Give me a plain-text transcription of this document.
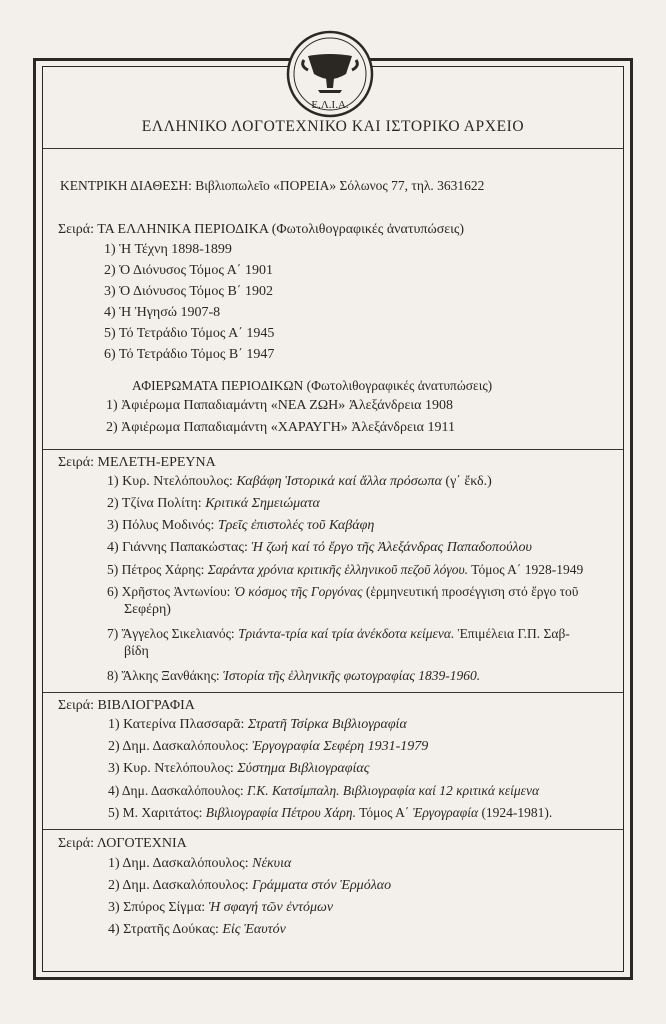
Ε.Λ.Ι.Α.
ΕΛΛΗΝΙΚΟ ΛΟΓΟΤΕΧΝΙΚΟ ΚΑΙ ΙΣΤΟΡΙΚΟ ΑΡΧΕΙΟ
ΚΕΝΤΡΙΚΗ ΔΙΑΘΕΣΗ: Βιβλιοπωλεῖο «ΠΟΡΕΙΑ» Σόλωνος 77, τηλ. 3631622
Σειρά: ΤΑ ΕΛΛΗΝΙΚΑ ΠΕΡΙΟΔΙΚΑ (Φωτολιθογραφικές ἀνατυπώσεις)
1) Ἡ Τέχνη 1898-1899
2) Ὁ Διόνυσος Τόμος Α΄ 1901
3) Ὁ Διόνυσος Τόμος Β΄ 1902
4) Ἡ Ἠγησώ 1907-8
5) Τό Τετράδιο Τόμος Α΄ 1945
6) Τό Τετράδιο Τόμος Β΄ 1947
ΑΦΙΕΡΩΜΑΤΑ ΠΕΡΙΟΔΙΚΩΝ (Φωτολιθογραφικές ἀνατυπώσεις)
1) Ἀφιέρωμα Παπαδιαμάντη «ΝΕΑ ΖΩΗ» Ἀλεξάνδρεια 1908
2) Ἀφιέρωμα Παπαδιαμάντη «ΧΑΡΑΥΓΗ» Ἀλεξάνδρεια 1911
Σειρά: ΜΕΛΕΤΗ-ΕΡΕΥΝΑ
1) Κυρ. Ντελόπουλος: Καβάφη Ἱστορικά καί ἄλλα πρόσωπα (γ΄ ἔκδ.)
2) Τζίνα Πολίτη: Κριτικά Σημειώματα
3) Πόλυς Μοδινός: Τρεῖς ἐπιστολές τοῦ Καβάφη
4) Γιάννης Παπακώστας: Ἡ ζωή καί τό ἔργο τῆς Ἀλεξάνδρας Παπαδοπούλου
5) Πέτρος Χάρης: Σαράντα χρόνια κριτικῆς ἑλληνικοῦ πεζοῦ λόγου. Τόμος Α΄ 1928-1949
6) Χρῆστος Ἀντωνίου: Ὁ κόσμος τῆς Γοργόνας (ἑρμηνευτική προσέγγιση στό ἔργο τοῦ
Σεφέρη)
7) Ἄγγελος Σικελιανός: Τριάντα-τρία καί τρία ἀνέκδοτα κείμενα. Ἐπιμέλεια Γ.Π. Σαβ-
βίδη
8) Ἄλκης Ξανθάκης: Ἱστορία τῆς ἑλληνικῆς φωτογραφίας 1839-1960.
Σειρά: ΒΙΒΛΙΟΓΡΑΦΙΑ
1) Κατερίνα Πλασσαρᾶ: Στρατῆ Τσίρκα Βιβλιογραφία
2) Δημ. Δασκαλόπουλος: Ἐργογραφία Σεφέρη 1931-1979
3) Κυρ. Ντελόπουλος: Σύστημα Βιβλιογραφίας
4) Δημ. Δασκαλόπουλος: Γ.Κ. Κατσίμπαλη. Βιβλιογραφία καί 12 κριτικά κείμενα
5) Μ. Χαριτάτος: Βιβλιογραφία Πέτρου Χάρη. Τόμος Α΄ Ἐργογραφία (1924-1981).
Σειρά: ΛΟΓΟΤΕΧΝΙΑ
1) Δημ. Δασκαλόπουλος: Νέκυια
2) Δημ. Δασκαλόπουλος: Γράμματα στόν Ἑρμόλαο
3) Σπύρος Σίγμα: Ἡ σφαγή τῶν ἐντόμων
4) Στρατῆς Δούκας: Εἰς Ἑαυτόν
